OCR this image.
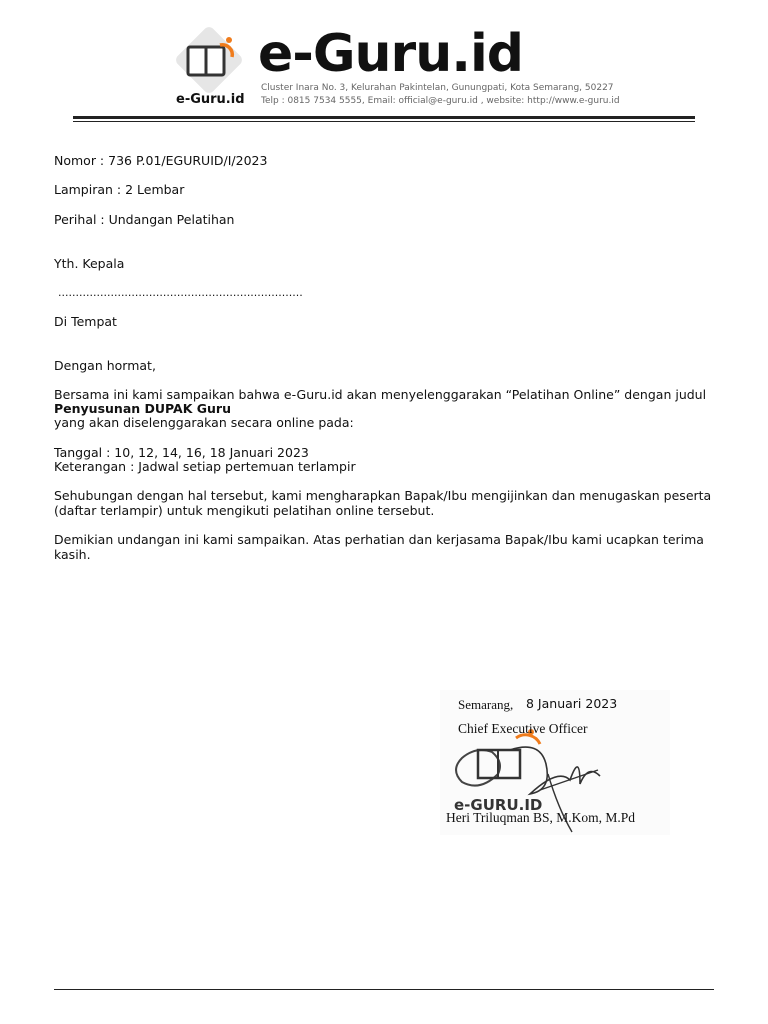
e-Guru.id
e-Guru.id
Cluster Inara No. 3, Kelurahan Pakintelan, Gunungpati, Kota Semarang, 50227
Telp : 0815 7534 5555, Email: official@e-guru.id , website: http://www.e-guru.id
Nomor : 736 P.01/EGURUID/I/2023
Lampiran : 2 Lembar
Perihal : Undangan Pelatihan
Yth. Kepala
......................................................................
Di Tempat
Dengan hormat,
Bersama ini kami sampaikan bahwa e-Guru.id akan menyelenggarakan “Pelatihan Online” dengan judul
Penyusunan DUPAK Guru
yang akan diselenggarakan secara online pada:
Tanggal : 10, 12, 14, 16, 18 Januari 2023
Keterangan : Jadwal setiap pertemuan terlampir
Sehubungan dengan hal tersebut, kami mengharapkan Bapak/Ibu mengijinkan dan menugaskan peserta (daftar terlampir) untuk mengikuti pelatihan online tersebut.
Demikian undangan ini kami sampaikan. Atas perhatian dan kerjasama Bapak/Ibu kami ucapkan terima kasih.
e-GURU.ID
Semarang, 8 Januari 2023
Chief Executive Officer
Heri Triluqman BS, M.Kom, M.Pd
